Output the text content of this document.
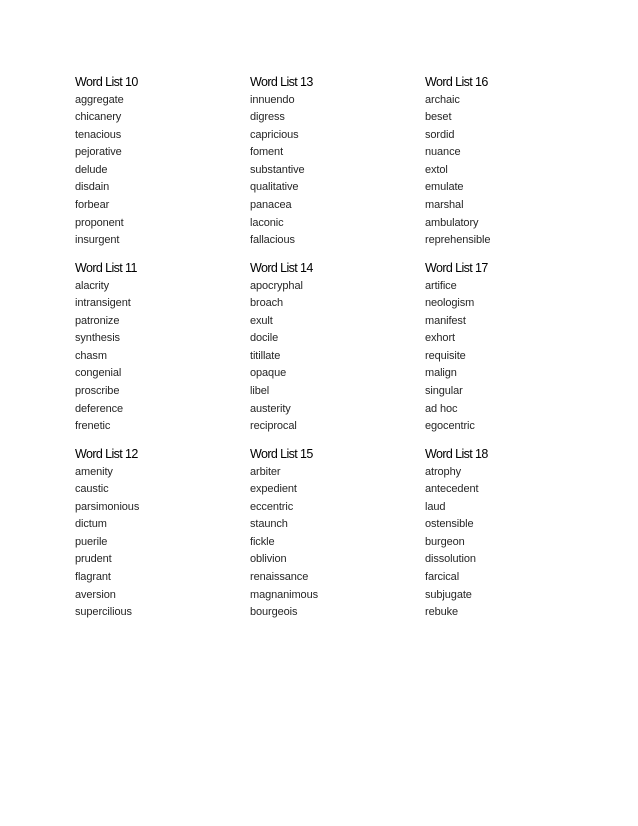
Word List 10
aggregate
chicanery
tenacious
pejorative
delude
disdain
forbear
proponent
insurgent
Word List 13
innuendo
digress
capricious
foment
substantive
qualitative
panacea
laconic
fallacious
Word List 16
archaic
beset
sordid
nuance
extol
emulate
marshal
ambulatory
reprehensible
Word List 11
alacrity
intransigent
patronize
synthesis
chasm
congenial
proscribe
deference
frenetic
Word List 14
apocryphal
broach
exult
docile
titillate
opaque
libel
austerity
reciprocal
Word List 17
artifice
neologism
manifest
exhort
requisite
malign
singular
ad hoc
egocentric
Word List 12
amenity
caustic
parsimonious
dictum
puerile
prudent
flagrant
aversion
supercilious
Word List 15
arbiter
expedient
eccentric
staunch
fickle
oblivion
renaissance
magnanimous
bourgeois
Word List 18
atrophy
antecedent
laud
ostensible
burgeon
dissolution
farcical
subjugate
rebuke
